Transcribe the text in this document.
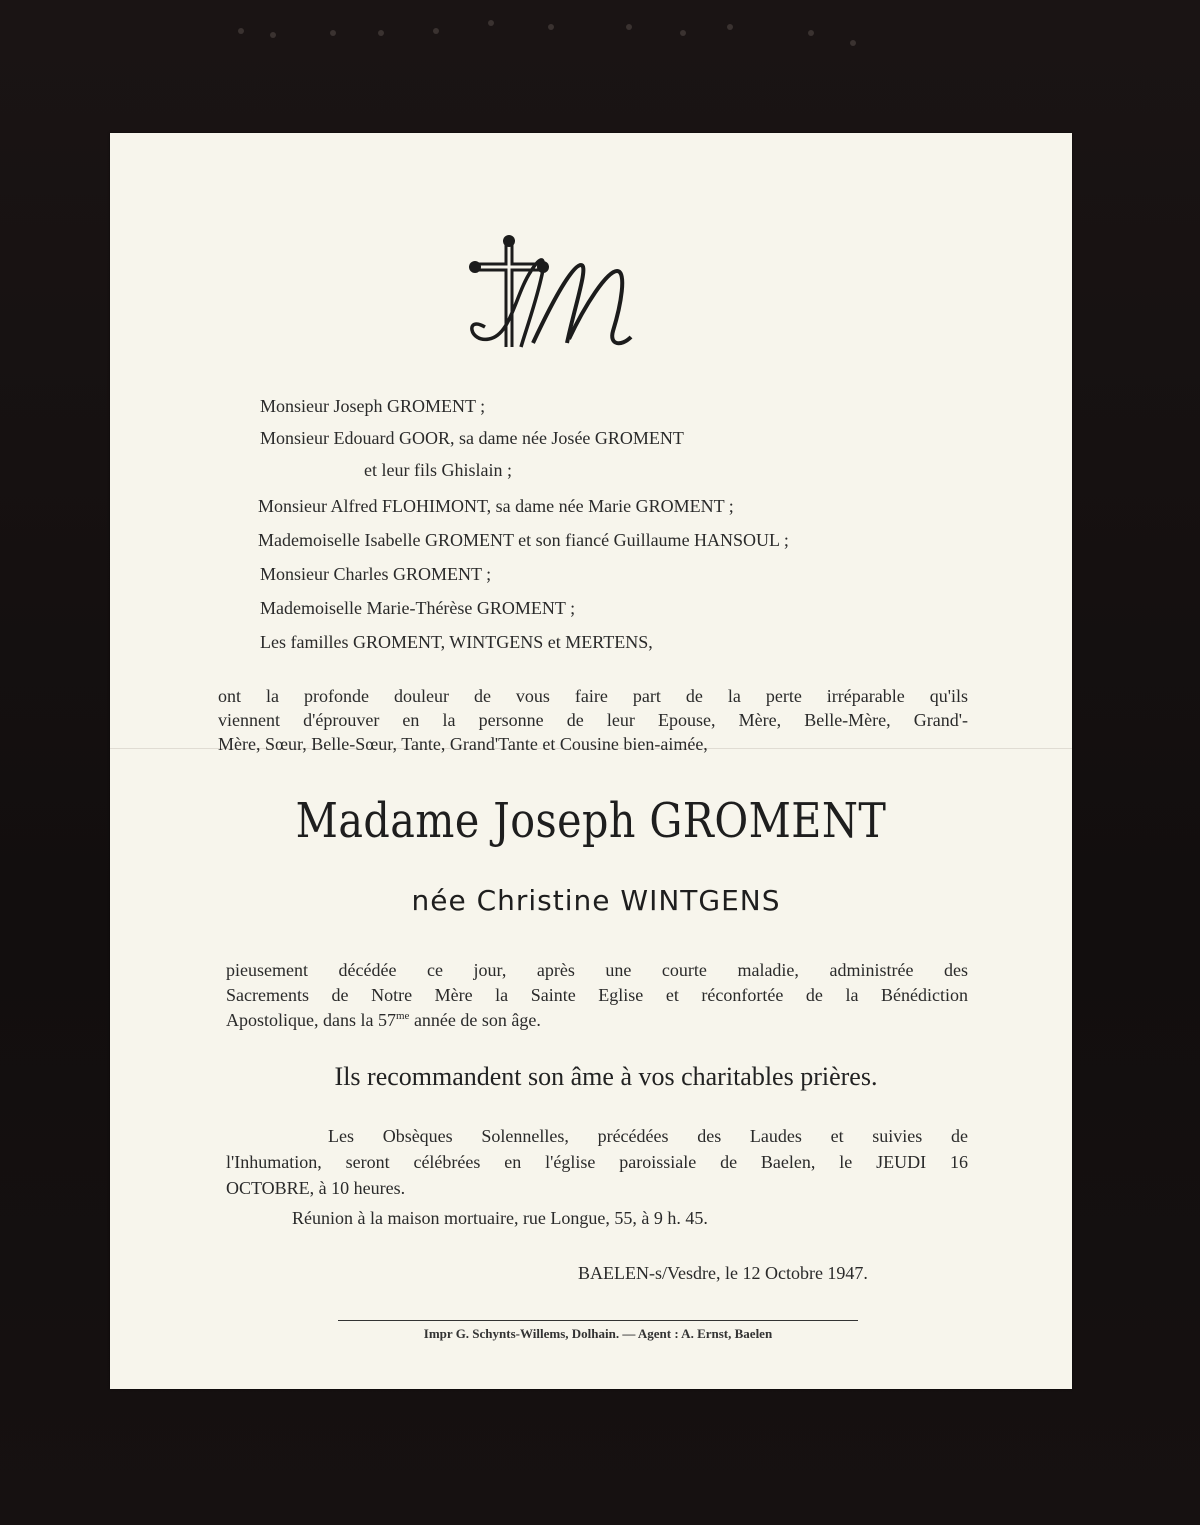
Monsieur Joseph GROMENT ;
Monsieur Edouard GOOR, sa dame née Josée GROMENT
et leur fils Ghislain ;
Monsieur Alfred FLOHIMONT, sa dame née Marie GROMENT ;
Mademoiselle Isabelle GROMENT et son fiancé Guillaume HANSOUL ;
Monsieur Charles GROMENT ;
Mademoiselle Marie-Thérèse GROMENT ;
Les familles GROMENT, WINTGENS et MERTENS,
ont la profonde douleur de vous faire part de la perte irréparable qu'ils
viennent d'éprouver en la personne de leur Epouse, Mère, Belle-Mère, Grand'-
Mère, Sœur, Belle-Sœur, Tante, Grand'Tante et Cousine bien-aimée,
Madame Joseph GROMENT
née Christine WINTGENS
pieusement décédée ce jour, après une courte maladie, administrée des
Sacrements de Notre Mère la Sainte Eglise et réconfortée de la Bénédiction
Apostolique, dans la $57^{me}$ année de son âge.
Ils recommandent son âme à vos charitables prières.
Les Obsèques Solennelles, précédées des Laudes et suivies de
l'Inhumation, seront célébrées en l'église paroissiale de Baelen, le JEUDI 16
OCTOBRE, à 10 heures.
Réunion à la maison mortuaire, rue Longue, 55, à 9 h. 45.
BAELEN-s/Vesdre, le 12 Octobre 1947.
Impr G. Schynts-Willems, Dolhain. — Agent : A. Ernst, Baelen
